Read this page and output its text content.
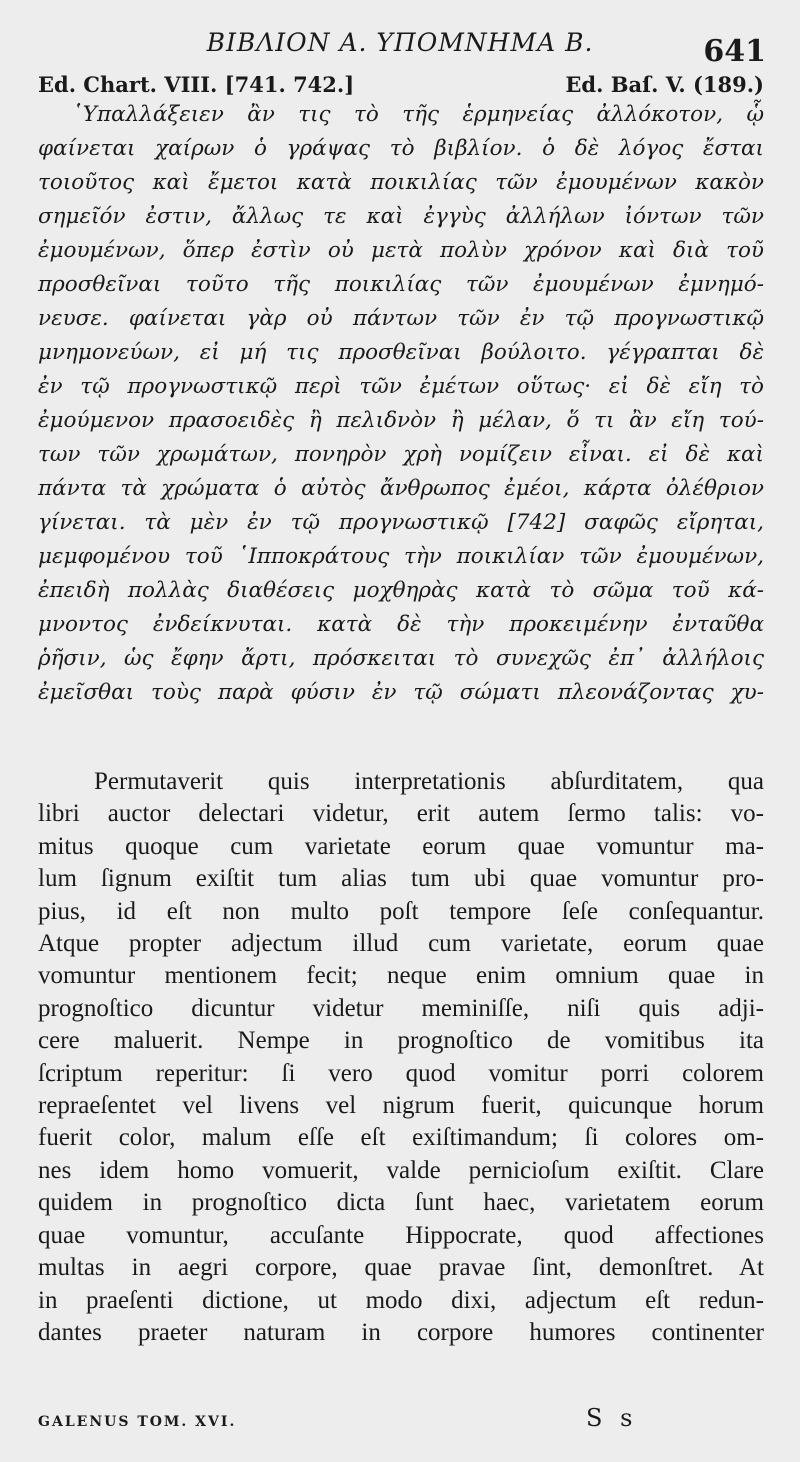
ΒΙΒΛΙΟΝ Α. ΥΠΟΜΝΗΜΑ Β.	641
Ed. Chart. VIII. [741. 742.]	Ed. Baſ. V. (189.)
῾Υπαλλάξειεν ἂν τις τὸ τῆς ἑρμηνείας ἀλλόκοτον, ᾧ
φαίνεται χαίρων ὁ γράψας τὸ βιβλίον. ὁ δὲ λόγος ἔσται
τοιοῦτος καὶ ἔμετοι κατὰ ποικιλίας τῶν ἐμουμένων κακὸν
σημεῖόν ἐστιν, ἄλλως τε καὶ ἐγγὺς ἀλλήλων ἰόντων τῶν
ἐμουμένων, ὅπερ ἐστὶν οὐ μετὰ πολὺν χρόνον καὶ διὰ τοῦ
προσθεῖναι τοῦτο τῆς ποικιλίας τῶν ἐμουμένων ἐμνημό-
νευσε. φαίνεται γὰρ οὐ πάντων τῶν ἐν τῷ προγνωστικῷ
μνημονεύων, εἰ μή τις προσθεῖναι βούλοιτο. γέγραπται δὲ
ἐν τῷ προγνωστικῷ περὶ τῶν ἐμέτων οὕτως· εἰ δὲ εἴη τὸ
ἐμούμενον πρασοειδὲς ἢ πελιδνὸν ἢ μέλαν, ὅ τι ἂν εἴη τού-
των τῶν χρωμάτων, πονηρὸν χρὴ νομίζειν εἶναι. εἰ δὲ καὶ
πάντα τὰ χρώματα ὁ αὐτὸς ἄνθρωπος ἐμέοι, κάρτα ὀλέθριον
γίνεται. τὰ μὲν ἐν τῷ προγνωστικῷ [742] σαφῶς εἴρηται,
μεμφομένου τοῦ ῾Ιπποκράτους τὴν ποικιλίαν τῶν ἐμουμένων,
ἐπειδὴ πολλὰς διαθέσεις μοχθηρὰς κατὰ τὸ σῶμα τοῦ κά-
μνοντος ἐνδείκνυται. κατὰ δὲ τὴν προκειμένην ἐνταῦθα
ῥῆσιν, ὡς ἔφην ἄρτι, πρόσκειται τὸ συνεχῶς ἐπ᾽ ἀλλήλοις
ἐμεῖσθαι τοὺς παρὰ φύσιν ἐν τῷ σώματι πλεονάζοντας χυ-
Permutaverit quis interpretationis abſurditatem, qua
libri auctor delectari videtur, erit autem ſermo talis: vo-
mitus quoque cum varietate eorum quae vomuntur ma-
lum ſignum exiſtit tum alias tum ubi quae vomuntur pro-
pius, id eſt non multo poſt tempore ſeſe conſequantur.
Atque propter adjectum illud cum varietate, eorum quae
vomuntur mentionem fecit; neque enim omnium quae in
prognoſtico dicuntur videtur meminiſſe, niſi quis adji-
cere maluerit. Nempe in prognoſtico de vomitibus ita
ſcriptum reperitur: ſi vero quod vomitur porri colorem
repraeſentet vel livens vel nigrum fuerit, quicunque horum
fuerit color, malum eſſe eſt exiſtimandum; ſi colores om-
nes idem homo vomuerit, valde pernicioſum exiſtit. Clare
quidem in prognoſtico dicta ſunt haec, varietatem eorum
quae vomuntur, accuſante Hippocrate, quod affectiones
multas in aegri corpore, quae pravae ſint, demonſtret. At
in praeſenti dictione, ut modo dixi, adjectum eſt redun-
dantes praeter naturam in corpore humores continenter
GALENUS TOM. XVI.	S s
